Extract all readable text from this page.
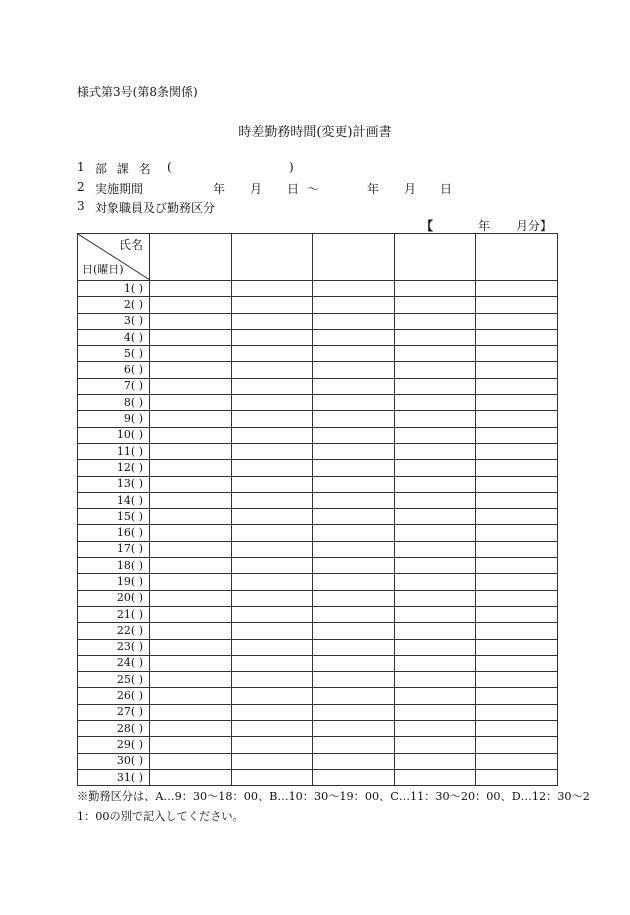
様式第3号(第8条関係)
時差勤務時間(変更)計画書
1 部 課 名 (	)
2 実施期間	年 月 日 〜	年 月 日
3 対象職員及び勤務区分
【	年 月分】
氏名
日(曜日)					

1( )					
2( )					
3( )					
4( )					
5( )					
6( )					
7( )					
8( )					
9( )					
10( )					
11( )					
12( )					
13( )					
14( )					
15( )					
16( )					
17( )					
18( )					
19( )					
20( )					
21( )					
22( )					
23( )					
24( )					
25( )					
26( )					
27( )					
28( )					
29( )					
30( )					
31( )					
※勤務区分は、A…9：30〜18：00、B…10：30〜19：00、C…11：30〜20：00、D…12：30〜2
1：00の別で記入してください。
